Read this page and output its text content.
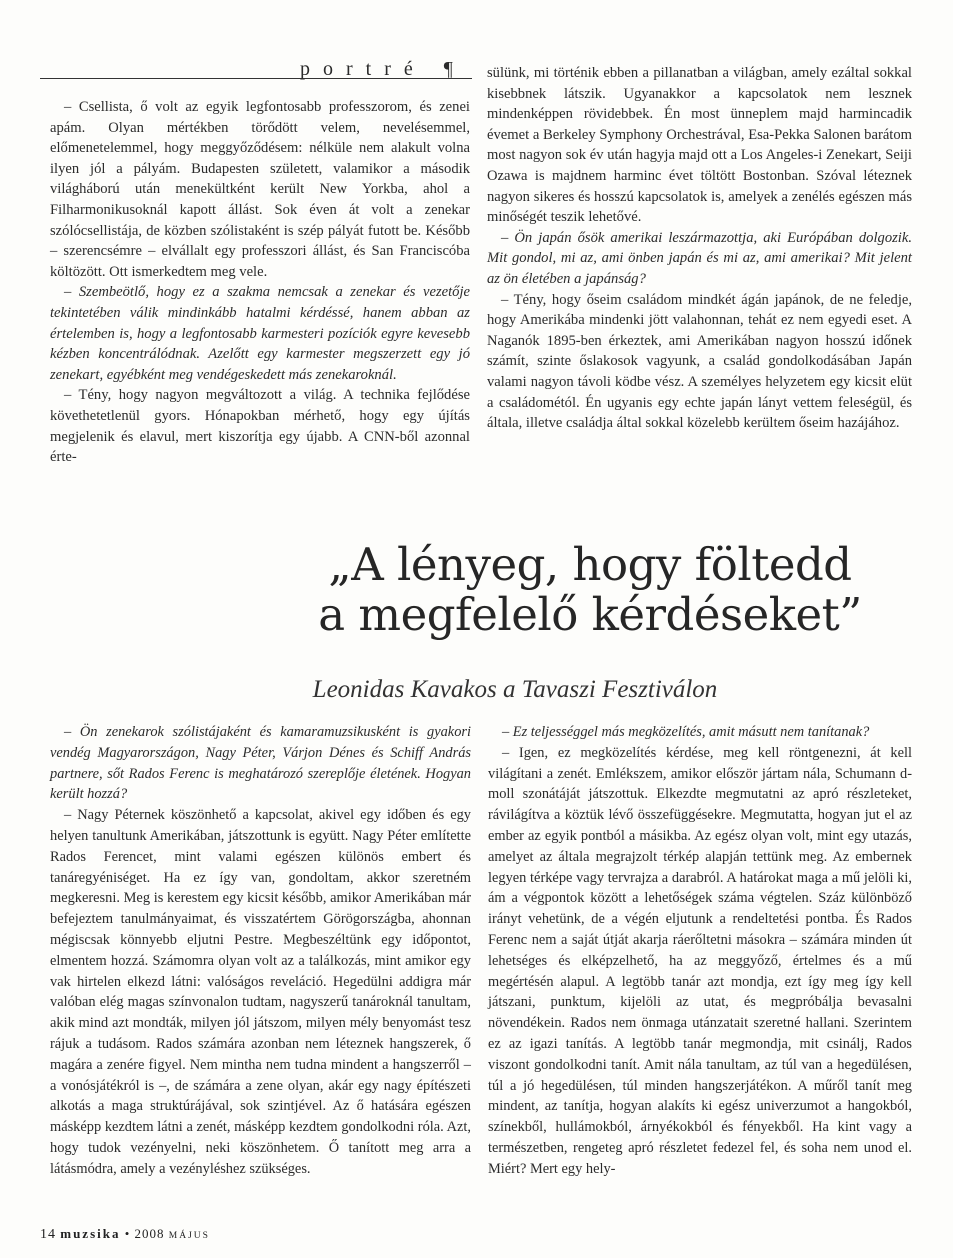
portré ¶

– Csellista, ő volt az egyik legfontosabb professzorom, és zenei apám. Olyan mértékben törődött velem, nevelésemmel, előmenetelemmel, hogy meggyőződésem: nélküle nem alakult volna ilyen jól a pályám. Budapesten született, valamikor a második világháború után menekültként került New Yorkba, ahol a Filharmonikusoknál kapott állást. Sok éven át volt a zenekar szólócsellistája, de közben szólistaként is szép pályát futott be. Később – szerencsémre – elvállalt egy professzori állást, és San Franciscóba költözött. Ott ismerkedtem meg vele.

– Szembeötlő, hogy ez a szakma nemcsak a zenekar és vezetője tekintetében válik mindinkább hatalmi kérdéssé, hanem abban az értelemben is, hogy a legfontosabb karmesteri pozíciók egyre kevesebb kézben koncentrálódnak. Azelőtt egy karmester megszerzett egy jó zenekart, egyébként meg vendégeskedett más zenekaroknál.

– Tény, hogy nagyon megváltozott a világ. A technika fejlődése követhetetlenül gyors. Hónapokban mérhető, hogy egy újítás megjelenik és elavul, mert kiszorítja egy újabb. A CNN-ből azonnal érte-

sülünk, mi történik ebben a pillanatban a világban, amely ezáltal sokkal kisebbnek látszik. Ugyanakkor a kapcsolatok nem lesznek mindenképpen rövidebbek. Én most ünneplem majd harmincadik évemet a Berkeley Symphony Orchestrával, Esa-Pekka Salonen barátom most nagyon sok év után hagyja majd ott a Los Angeles-i Zenekart, Seiji Ozawa is majdnem harminc évet töltött Bostonban. Szóval léteznek nagyon sikeres és hosszú kapcsolatok is, amelyek a zenélés egészen más minőségét teszik lehetővé.

– Ön japán ősök amerikai leszármazottja, aki Európában dolgozik. Mit gondol, mi az, ami önben japán és mi az, ami amerikai? Mit jelent az ön életében a japánság?

– Tény, hogy őseim családom mindkét ágán japánok, de ne feledje, hogy Amerikába mindenki jött valahonnan, tehát ez nem egyedi eset. A Naganók 1895-ben érkeztek, ami Amerikában nagyon hosszú időnek számít, szinte őslakosok vagyunk, a család gondolkodásában Japán valami nagyon távoli ködbe vész. A személyes helyzetem egy kicsit elüt a családométól. Én ugyanis egy echte japán lányt vettem feleségül, és általa, illetve családja által sokkal közelebb kerültem őseim hazájához.

„A lényeg, hogy föltedd
a megfelelő kérdéseket”
Leonidas Kavakos a Tavaszi Fesztiválon

– Ön zenekarok szólistájaként és kamaramuzsikusként is gyakori vendég Magyarországon, Nagy Péter, Várjon Dénes és Schiff András partnere, sőt Rados Ferenc is meghatározó szereplője életének. Hogyan került hozzá?

– Nagy Péternek köszönhető a kapcsolat, akivel egy időben és egy helyen tanultunk Amerikában, játszottunk is együtt. Nagy Péter említette Rados Ferencet, mint valami egészen különös embert és tanáregyéniséget. Ha ez így van, gondoltam, akkor szeretném megkeresni. Meg is kerestem egy kicsit később, amikor Amerikában már befejeztem tanulmányaimat, és visszatértem Görögországba, ahonnan mégiscsak könnyebb eljutni Pestre. Megbeszéltünk egy időpontot, elmentem hozzá. Számomra olyan volt az a találkozás, mint amikor egy vak hirtelen elkezd látni: valóságos reveláció. Hegedülni addigra már valóban elég magas színvonalon tudtam, nagyszerű tanároknál tanultam, akik mind azt mondták, milyen jól játszom, milyen mély benyomást tesz rájuk a tudásom. Rados számára azonban nem léteznek hangszerek, ő magára a zenére figyel. Nem mintha nem tudna mindent a hangszerről – a vonósjátékról is –, de számára a zene olyan, akár egy nagy építészeti alkotás a maga struktúrájával, sok szintjével. Az ő hatására egészen másképp kezdtem látni a zenét, másképp kezdtem gondolkodni róla. Azt, hogy tudok vezényelni, neki köszönhetem. Ő tanított meg arra a látásmódra, amely a vezényléshez szükséges.

– Ez teljességgel más megközelítés, amit másutt nem tanítanak?

– Igen, ez megközelítés kérdése, meg kell röntgenezni, át kell világítani a zenét. Emlékszem, amikor először jártam nála, Schumann d-moll szonátáját játszottuk. Elkezdte megmutatni az apró részleteket, rávilágítva a köztük lévő összefüggésekre. Megmutatta, hogyan jut el az ember az egyik pontból a másikba. Az egész olyan volt, mint egy utazás, amelyet az általa megrajzolt térkép alapján tettünk meg. Az embernek legyen térképe vagy tervrajza a darabról. A határokat maga a mű jelöli ki, ám a végpontok között a lehetőségek száma végtelen. Száz különböző irányt vehetünk, de a végén eljutunk a rendeltetési pontba. És Rados Ferenc nem a saját útját akarja ráerőltetni másokra – számára minden út lehetséges és elképzelhető, ha az meggyőző, értelmes és a mű megértésén alapul. A legtöbb tanár azt mondja, ezt így meg így kell játszani, punktum, kijelöli az utat, és megpróbálja bevasalni növendékein. Rados nem önmaga utánzatait szeretné hallani. Szerintem ez az igazi tanítás. A legtöbb tanár megmondja, mit csinálj, Rados viszont gondolkodni tanít. Amit nála tanultam, az túl van a hegedülésen, túl a jó hegedülésen, túl minden hangszerjátékon. A műről tanít meg mindent, az tanítja, hogyan alakíts ki egész univerzumot a hangokból, színekből, hullámokból, árnyékokból és fényekből. Ha kint vagy a természetben, rengeteg apró részletet fedezel fel, és soha nem unod el. Miért? Mert egy hely-

14 muzsika • 2008 MÁJUS
